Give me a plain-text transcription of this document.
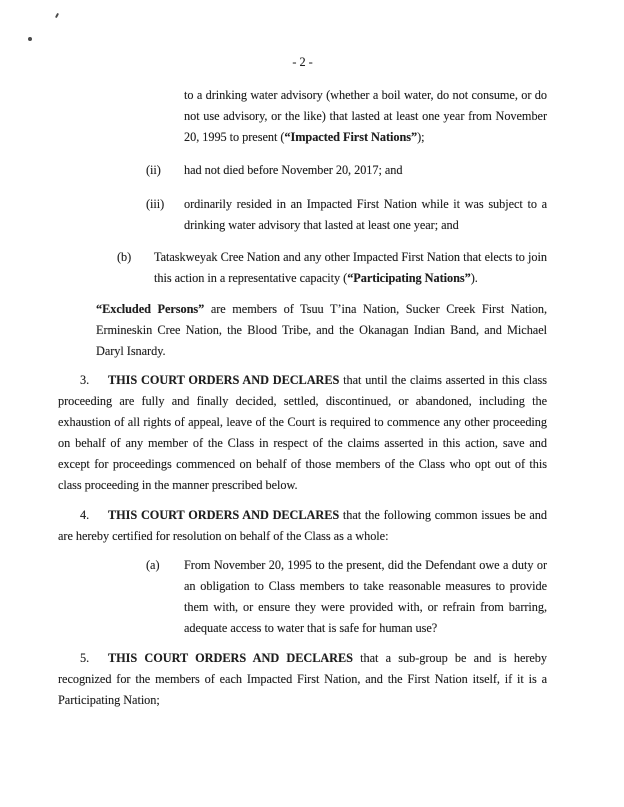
- 2 -

to a drinking water advisory (whether a boil water, do not consume, or do not use advisory, or the like) that lasted at least one year from November 20, 1995 to present (“Impacted First Nations”);

(ii) had not died before November 20, 2017; and

(iii) ordinarily resided in an Impacted First Nation while it was subject to a drinking water advisory that lasted at least one year; and

(b) Tataskweyak Cree Nation and any other Impacted First Nation that elects to join this action in a representative capacity (“Participating Nations”).

“Excluded Persons” are members of Tsuu T’ina Nation, Sucker Creek First Nation, Ermineskin Cree Nation, the Blood Tribe, and the Okanagan Indian Band, and Michael Daryl Isnardy.

3. THIS COURT ORDERS AND DECLARES that until the claims asserted in this class proceeding are fully and finally decided, settled, discontinued, or abandoned, including the exhaustion of all rights of appeal, leave of the Court is required to commence any other proceeding on behalf of any member of the Class in respect of the claims asserted in this action, save and except for proceedings commenced on behalf of those members of the Class who opt out of this class proceeding in the manner prescribed below.

4. THIS COURT ORDERS AND DECLARES that the following common issues be and are hereby certified for resolution on behalf of the Class as a whole:

(a) From November 20, 1995 to the present, did the Defendant owe a duty or an obligation to Class members to take reasonable measures to provide them with, or ensure they were provided with, or refrain from barring, adequate access to water that is safe for human use?

5. THIS COURT ORDERS AND DECLARES that a sub-group be and is hereby recognized for the members of each Impacted First Nation, and the First Nation itself, if it is a Participating Nation;
